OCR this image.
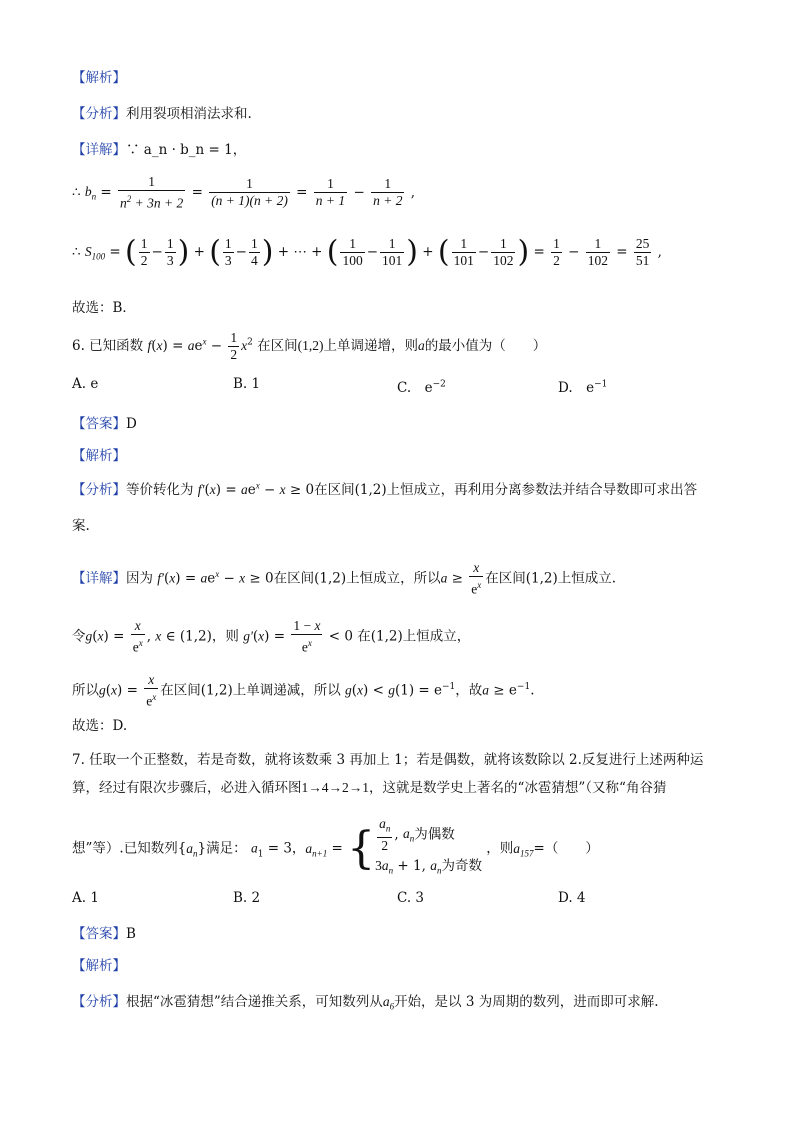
【解析】
【分析】利用裂项相消法求和.
【详解】∵ a_n · b_n = 1，
∴ $b_n = \frac{1}{n^2 + 3n + 2} = \frac{1}{(n + 1)(n + 2)} = \frac{1}{n + 1} - \frac{1}{n + 2}$ ,
∴ $S_{100}$ = ( $\frac{1}{2} - \frac{1}{3}$ ) + ( $\frac{1}{3} - \frac{1}{4}$ ) + ⋯ + ( $\frac{1}{100} - \frac{1}{101}$ ) + ( $\frac{1}{101} - \frac{1}{102}$ ) = $\frac{1}{2} - \frac{1}{102} = \frac{25}{51}$ ,
故选：B．
6. 已知函数 $f(x) = ae^x - \frac{1}{2} x^2$ 在区间(1,2)上单调递增，则a的最小值为（　　）
A. e	B. 1	C.　$e^{-2}$	D.　$e^{-1}$
【答案】D
【解析】
【分析】等价转化为 $f'(x) = ae^x - x \ge 0$在区间(1,2)上恒成立，再利用分离参数法并结合导数即可求出答
案.
【详解】因为 $f'(x) = ae^x - x \ge 0$在区间(1,2)上恒成立，所以$a \ge \frac{x}{e^x}$ 在区间(1,2)上恒成立.
令$g(x) = \frac{x}{e^x}$ , x ∈ (1,2)，则 $g'(x) = \frac{1 - x}{e^x} < 0$ 在(1,2)上恒成立，
所以$g(x) = \frac{x}{e^x}$ 在区间(1,2)上单调递减，所以 $g(x) < g(1) = e^{-1}$，故$a \ge e^{-1}$.
故选：D.
7. 任取一个正整数，若是奇数，就将该数乘 3 再加上 1；若是偶数，就将该数除以 2.反复进行上述两种运
算，经过有限次步骤后，必进入循环图1→4→2→1，这就是数学史上著名的“冰雹猜想”（又称“角谷猜
想”等）.已知数列$\{a_n\}$满足： $a_1 = 3$，$a_{n+1}$ = { $\frac{a_n}{2}$ , $a_n$为偶数
$3a_n + 1$, $a_n$为奇数
，则$a_{157}=$（　　）
A. 1	B. 2	C. 3	D. 4
【答案】B
【解析】
【分析】根据“冰雹猜想”结合递推关系，可知数列从$a_6$开始，是以 3 为周期的数列，进而即可求解.
